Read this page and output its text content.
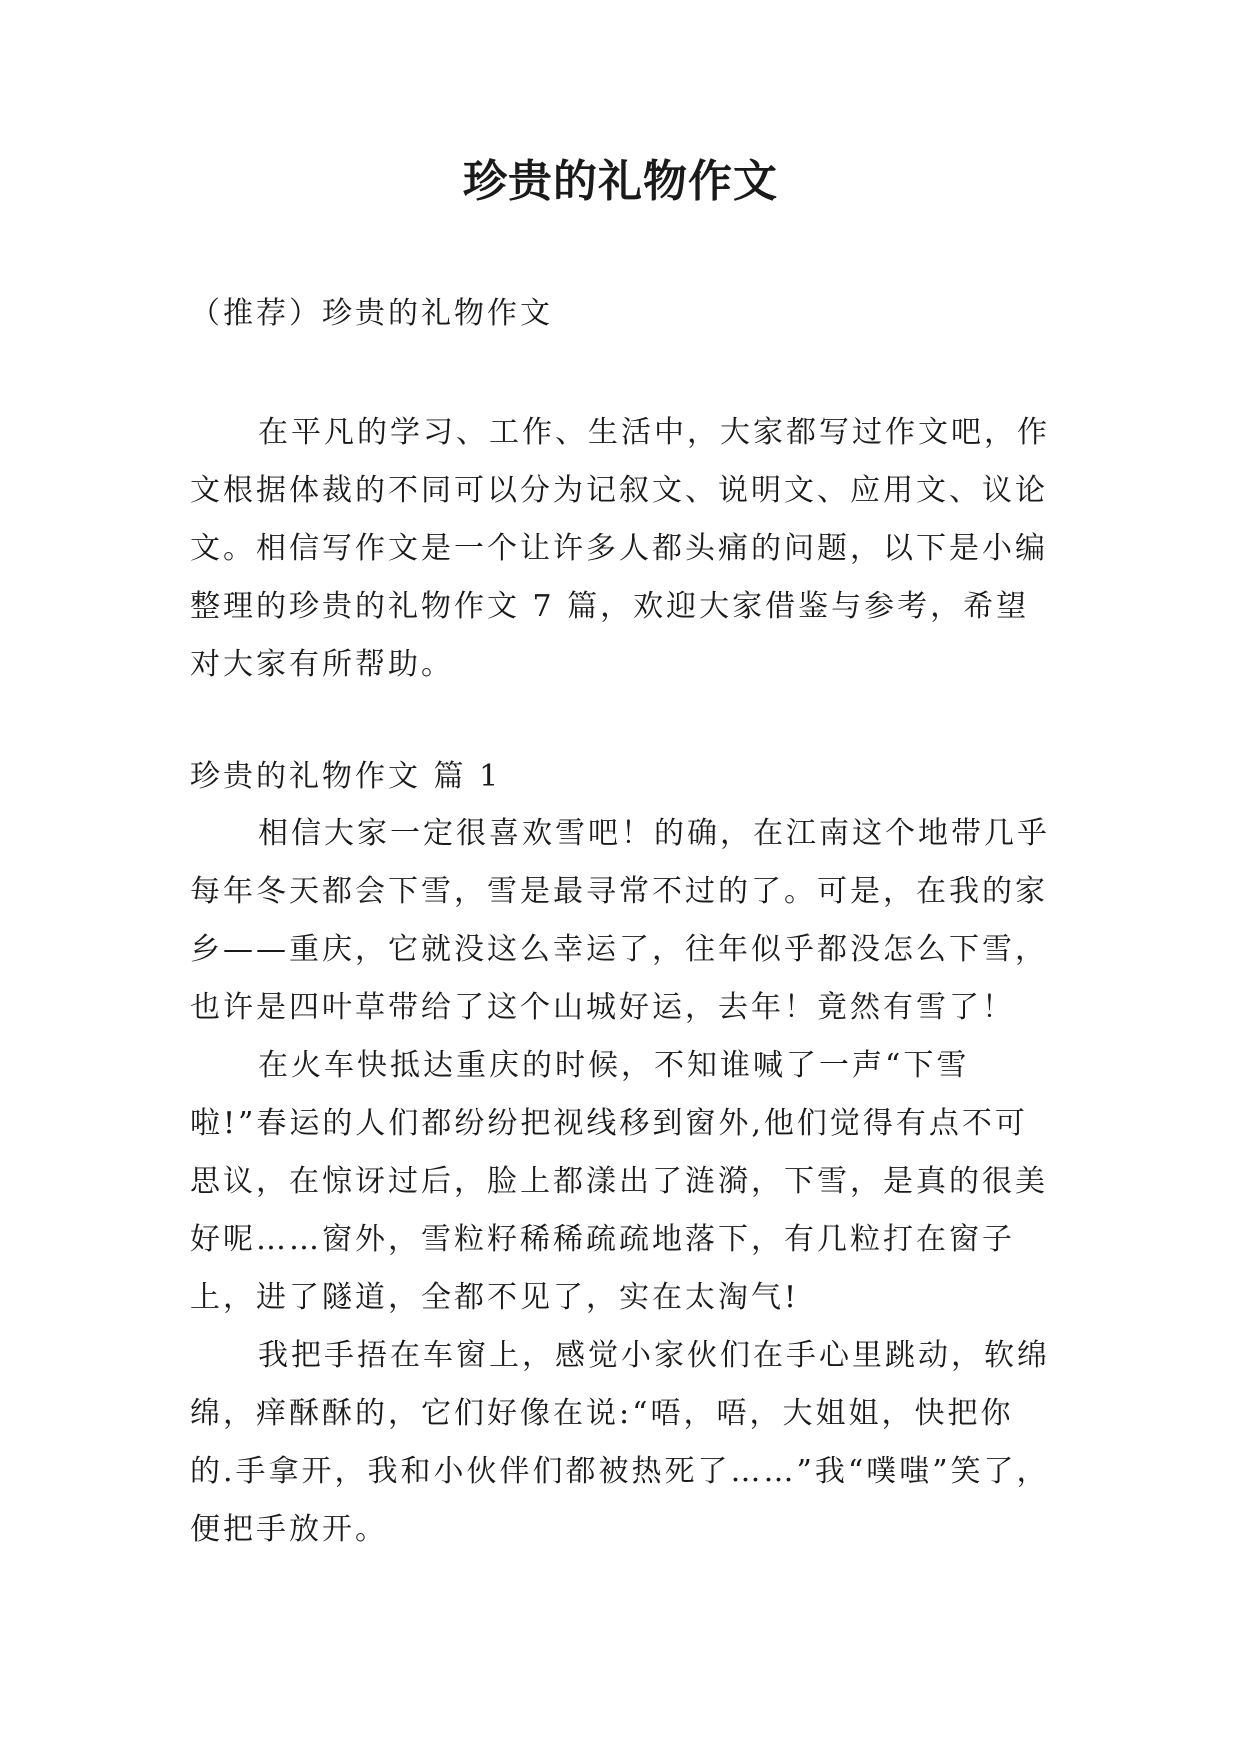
珍贵的礼物作文

（推荐）珍贵的礼物作文

在平凡的学习、工作、生活中，大家都写过作文吧，作文根据体裁的不同可以分为记叙文、说明文、应用文、议论文。相信写作文是一个让许多人都头痛的问题，以下是小编整理的珍贵的礼物作文 7 篇，欢迎大家借鉴与参考，希望对大家有所帮助。

珍贵的礼物作文 篇 1

相信大家一定很喜欢雪吧！的确，在江南这个地带几乎每年冬天都会下雪，雪是最寻常不过的了。可是，在我的家乡——重庆，它就没这么幸运了，往年似乎都没怎么下雪，也许是四叶草带给了这个山城好运，去年！竟然有雪了！

在火车快抵达重庆的时候，不知谁喊了一声“下雪啦!”春运的人们都纷纷把视线移到窗外,他们觉得有点不可思议，在惊讶过后，脸上都漾出了涟漪，下雪，是真的很美好呢……窗外，雪粒籽稀稀疏疏地落下，有几粒打在窗子上，进了隧道，全都不见了，实在太淘气!

我把手捂在车窗上，感觉小家伙们在手心里跳动，软绵绵，痒酥酥的，它们好像在说:“唔，唔，大姐姐，快把你的.手拿开，我和小伙伴们都被热死了……”我“噗嗤”笑了，便把手放开。
